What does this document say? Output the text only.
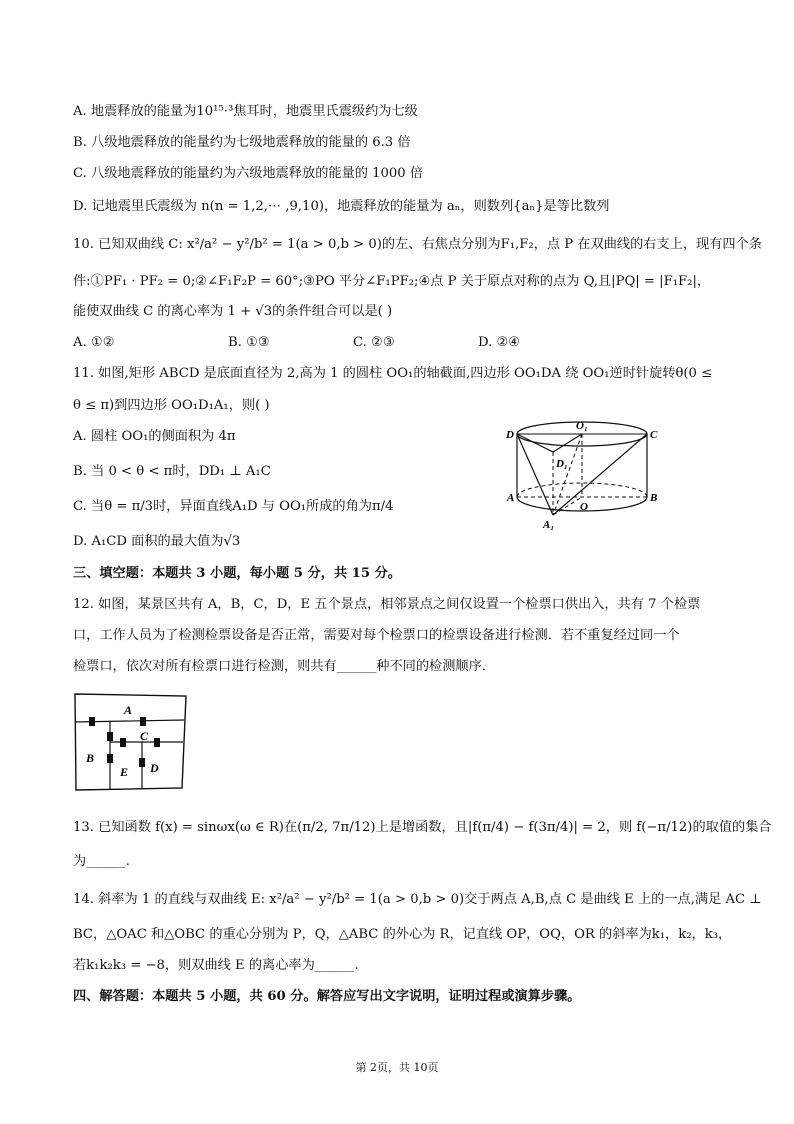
A. 地震释放的能量为10¹⁵·³焦耳时，地震里氏震级约为七级
B. 八级地震释放的能量约为七级地震释放的能量的 6.3 倍
C. 八级地震释放的能量约为六级地震释放的能量的 1000 倍
D. 记地震里氏震级为 n(n = 1,2,⋯ ,9,10)，地震释放的能量为 aₙ，则数列{aₙ}是等比数列
10. 已知双曲线 C: x²/a² − y²/b² = 1(a > 0,b > 0)的左、右焦点分别为F₁,F₂，点 P 在双曲线的右支上，现有四个条
件:①PF₁ · PF₂ = 0;②∠F₁F₂P = 60°;③PO 平分∠F₁PF₂;④点 P 关于原点对称的点为 Q,且|PQ| = |F₁F₂|，
能使双曲线 C 的离心率为 1 + √3的条件组合可以是( )
A. ①②	B. ①③	C. ②③	D. ②④
11. 如图,矩形 ABCD 是底面直径为 2,高为 1 的圆柱 OO₁的轴截面,四边形 OO₁DA 绕 OO₁逆时针旋转θ(0 ≤
θ ≤ π)到四边形 OO₁D₁A₁，则( )
A. 圆柱 OO₁的侧面积为 4π
B. 当 0 < θ < π时，DD₁ ⊥ A₁C
C. 当θ = π/3时，异面直线A₁D 与 OO₁所成的角为π/4
D. A₁CD 面积的最大值为√3
D
O₁
C
D₁
A	B
O
A₁
三、填空题：本题共 3 小题，每小题 5 分，共 15 分。
12. 如图，某景区共有 A，B，C，D，E 五个景点，相邻景点之间仅设置一个检票口供出入，共有 7 个检票
口，工作人员为了检测检票设备是否正常，需要对每个检票口的检票设备进行检测．若不重复经过同一个
检票口，依次对所有检票口进行检测，则共有______种不同的检测顺序．
A
B
C
D
E
13. 已知函数 f(x) = sinωx(ω ∈ R)在(π/2, 7π/12)上是增函数，且|f(π/4) − f(3π/4)| = 2，则 f(−π/12)的取值的集合
为______.
14. 斜率为 1 的直线与双曲线 E: x²/a² − y²/b² = 1(a > 0,b > 0)交于两点 A,B,点 C 是曲线 E 上的一点,满足 AC ⊥
BC，△OAC 和△OBC 的重心分别为 P，Q，△ABC 的外心为 R，记直线 OP，OQ，OR 的斜率为k₁，k₂，k₃，
若k₁k₂k₃ = −8，则双曲线 E 的离心率为______.
四、解答题：本题共 5 小题，共 60 分。解答应写出文字说明，证明过程或演算步骤。
第 2页，共 10页
